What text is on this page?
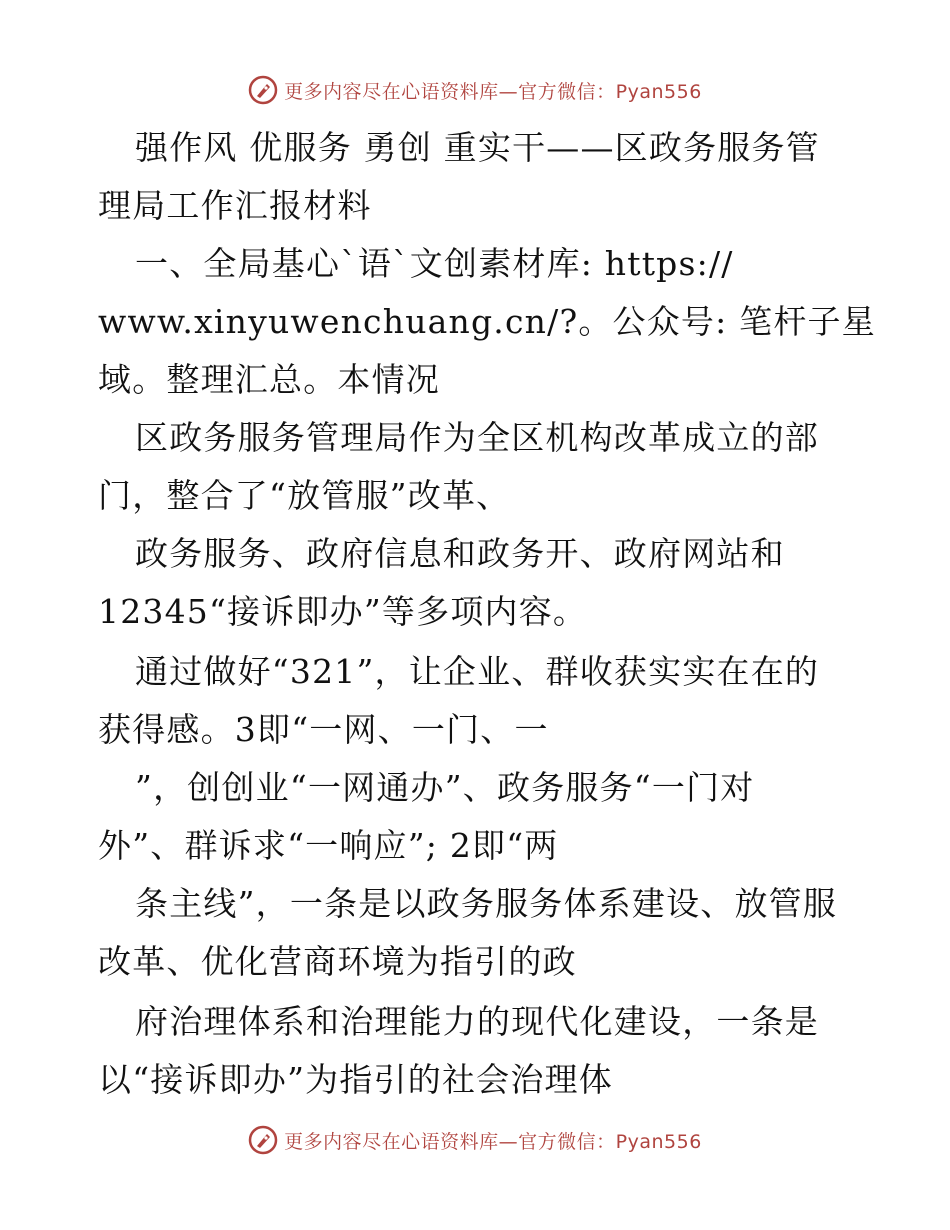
更多内容尽在心语资料库—官方微信：Pyan556
强作风 优服务 勇创 重实干——区政务服务管
理局工作汇报材料
一、全局基心`语`文创素材库: https://
www.xinyuwenchuang.cn/?。公众号: 笔杆子星
域。整理汇总。本情况
区政务服务管理局作为全区机构改革成立的部
门，整合了“放管服”改革、
政务服务、政府信息和政务开、政府网站和
12345“接诉即办”等多项内容。
通过做好“321”，让企业、群收获实实在在的
获得感。3即“一网、一门、一
”，创创业“一网通办”、政务服务“一门对
外”、群诉求“一响应”; 2即“两
条主线”，一条是以政务服务体系建设、放管服
改革、优化营商环境为指引的政
府治理体系和治理能力的现代化建设，一条是
以“接诉即办”为指引的社会治理体
更多内容尽在心语资料库—官方微信：Pyan556
